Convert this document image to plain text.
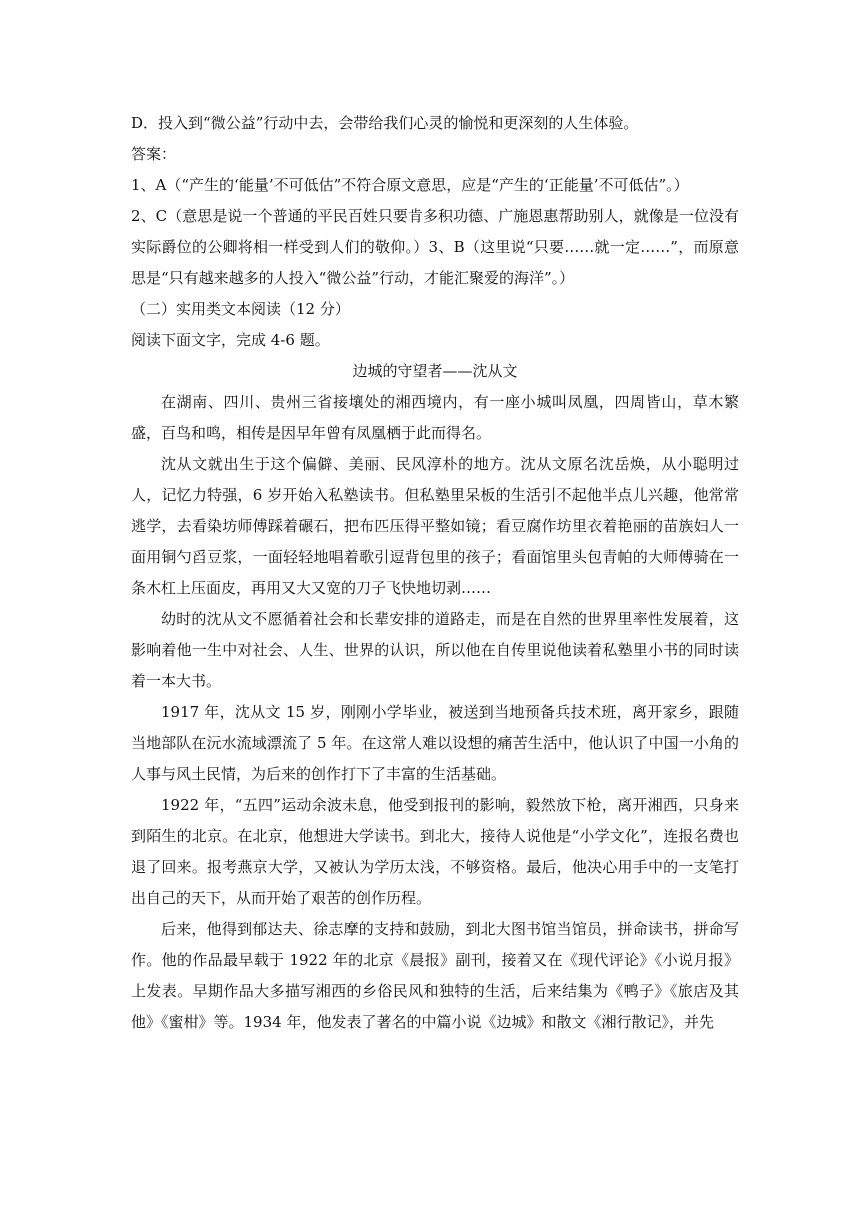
D．投入到“微公益”行动中去，会带给我们心灵的愉悦和更深刻的人生体验。

答案：

1、A（“产生的‘能量’不可低估”不符合原文意思，应是“产生的‘正能量’不可低估”。）

2、C（意思是说一个普通的平民百姓只要肯多积功德、广施恩惠帮助别人，就像是一位没有实际爵位的公卿将相一样受到人们的敬仰。）3、B（这里说“只要……就一定……”，而原意思是“只有越来越多的人投入“微公益”行动，才能汇聚爱的海洋”。）

（二）实用类文本阅读（12 分）

阅读下面文字，完成 4-6 题。

边城的守望者——沈从文

在湖南、四川、贵州三省接壤处的湘西境内，有一座小城叫凤凰，四周皆山，草木繁盛，百鸟和鸣，相传是因早年曾有凤凰栖于此而得名。

沈从文就出生于这个偏僻、美丽、民风淳朴的地方。沈从文原名沈岳焕，从小聪明过人，记忆力特强，6 岁开始入私塾读书。但私塾里呆板的生活引不起他半点儿兴趣，他常常逃学，去看染坊师傅踩着碾石，把布匹压得平整如镜；看豆腐作坊里衣着艳丽的苗族妇人一面用铜勺舀豆浆，一面轻轻地唱着歌引逗背包里的孩子；看面馆里头包青帕的大师傅骑在一条木杠上压面皮，再用又大又宽的刀子飞快地切剥……

幼时的沈从文不愿循着社会和长辈安排的道路走，而是在自然的世界里率性发展着，这影响着他一生中对社会、人生、世界的认识，所以他在自传里说他读着私塾里小书的同时读着一本大书。

1917 年，沈从文 15 岁，刚刚小学毕业，被送到当地预备兵技术班，离开家乡，跟随当地部队在沅水流域漂流了 5 年。在这常人难以设想的痛苦生活中，他认识了中国一小角的人事与风土民情，为后来的创作打下了丰富的生活基础。

1922 年，“五四”运动余波未息，他受到报刊的影响，毅然放下枪，离开湘西，只身来到陌生的北京。在北京，他想进大学读书。到北大，接待人说他是“小学文化”，连报名费也退了回来。报考燕京大学，又被认为学历太浅，不够资格。最后，他决心用手中的一支笔打出自己的天下，从而开始了艰苦的创作历程。

后来，他得到郁达夫、徐志摩的支持和鼓励，到北大图书馆当馆员，拼命读书，拼命写作。他的作品最早载于 1922 年的北京《晨报》副刊，接着又在《现代评论》《小说月报》上发表。早期作品大多描写湘西的乡俗民风和独特的生活，后来结集为《鸭子》《旅店及其他》《蜜柑》等。1934 年，他发表了著名的中篇小说《边城》和散文《湘行散记》，并先
